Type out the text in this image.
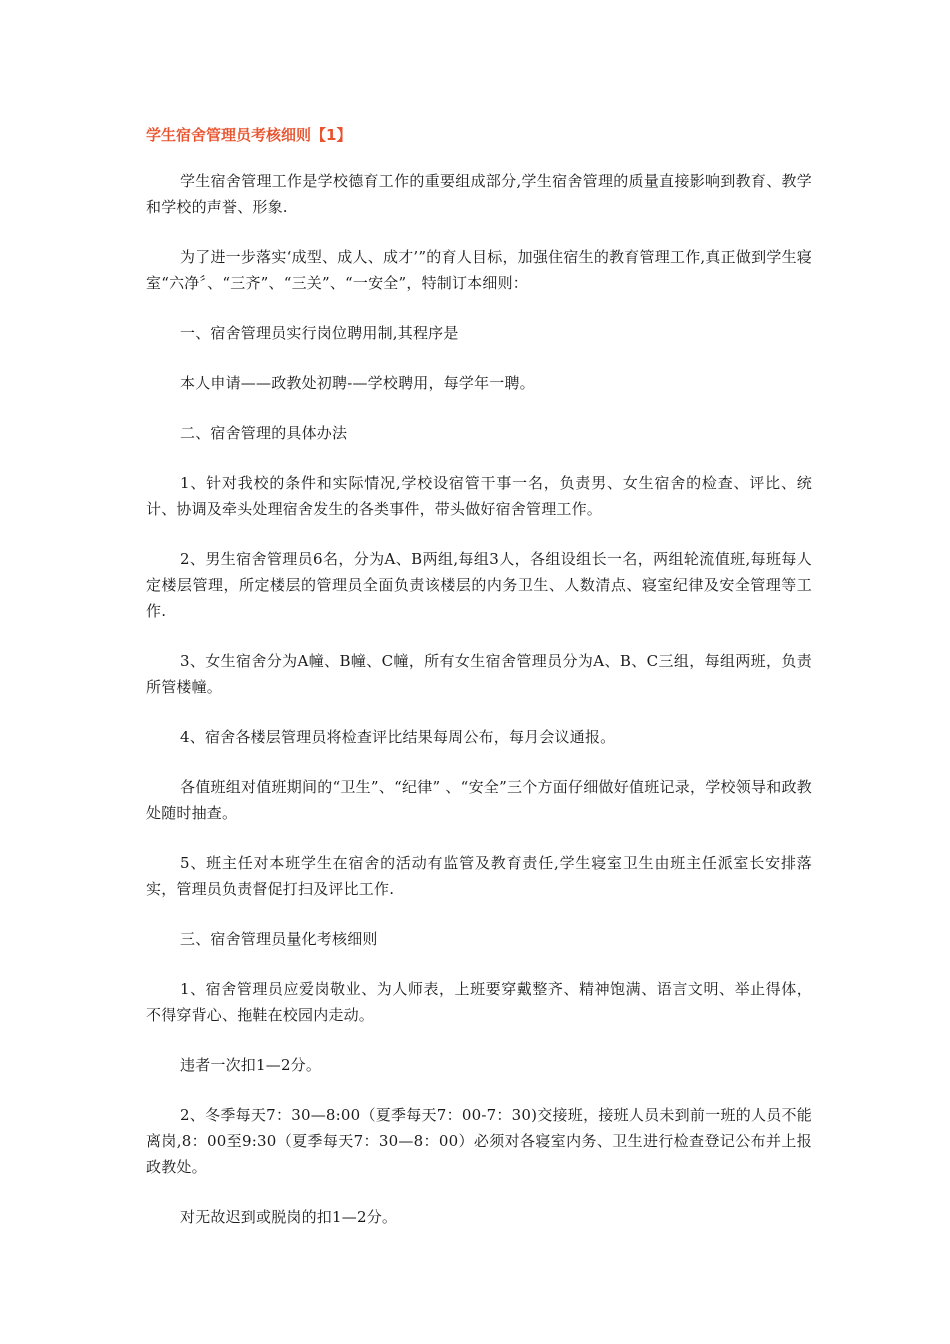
学生宿舍管理员考核细则【1】

学生宿舍管理工作是学校德育工作的重要组成部分,学生宿舍管理的质量直接影响到教育、教学和学校的声誉、形象.

为了进一步落实‘成型、成人、成才’”的育人目标，加强住宿生的教育管理工作,真正做到学生寝室“六净〞、“三齐”、“三关”、“一安全”，特制订本细则：

一、宿舍管理员实行岗位聘用制,其程序是

本人申请——政教处初聘-—学校聘用，每学年一聘。

二、宿舍管理的具体办法

1、针对我校的条件和实际情况,学校设宿管干事一名，负责男、女生宿舍的检查、评比、统计、协调及牵头处理宿舍发生的各类事件，带头做好宿舍管理工作。

2、男生宿舍管理员6名，分为A、B两组,每组3人，各组设组长一名，两组轮流值班,每班每人定楼层管理，所定楼层的管理员全面负责该楼层的内务卫生、人数清点、寝室纪律及安全管理等工作.

3、女生宿舍分为A幢、B幢、C幢，所有女生宿舍管理员分为A、B、C三组，每组两班，负责所管楼幢。

4、宿舍各楼层管理员将检查评比结果每周公布，每月会议通报。

各值班组对值班期间的“卫生”、“纪律” 、“安全”三个方面仔细做好值班记录，学校领导和政教处随时抽查。

5、班主任对本班学生在宿舍的活动有监管及教育责任,学生寝室卫生由班主任派室长安排落实，管理员负责督促打扫及评比工作.

三、宿舍管理员量化考核细则

1、宿舍管理员应爱岗敬业、为人师表，上班要穿戴整齐、精神饱满、语言文明、举止得体，不得穿背心、拖鞋在校园内走动。

违者一次扣1—2分。

2、冬季每天7：30—8:00（夏季每天7：00-7：30)交接班，接班人员未到前一班的人员不能离岗,8：00至9:30（夏季每天7：30—8：00）必须对各寝室内务、卫生进行检查登记公布并上报政教处。

对无故迟到或脱岗的扣1—2分。
